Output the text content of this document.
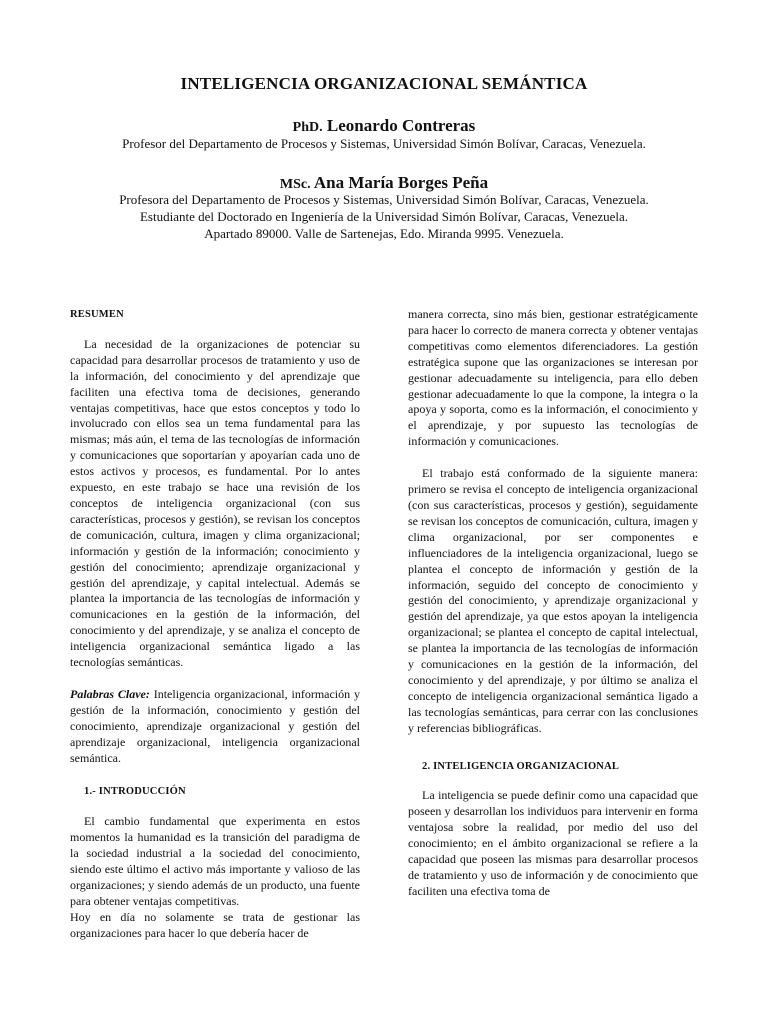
INTELIGENCIA ORGANIZACIONAL SEMÁNTICA
PhD. Leonardo Contreras
Profesor del Departamento de Procesos y Sistemas, Universidad Simón Bolívar, Caracas, Venezuela.
MSc. Ana María Borges Peña
Profesora del Departamento de Procesos y Sistemas, Universidad Simón Bolívar, Caracas, Venezuela.
Estudiante del Doctorado en Ingeniería de la Universidad Simón Bolívar, Caracas, Venezuela.
Apartado 89000. Valle de Sartenejas, Edo. Miranda 9995. Venezuela.

RESUMEN

La necesidad de la organizaciones de potenciar su capacidad para desarrollar procesos de tratamiento y uso de la información, del conocimiento y del aprendizaje que faciliten una efectiva toma de decisiones, generando ventajas competitivas, hace que estos conceptos y todo lo involucrado con ellos sea un tema fundamental para las mismas; más aún, el tema de las tecnologías de información y comunicaciones que soportarían y apoyarían cada uno de estos activos y procesos, es fundamental. Por lo antes expuesto, en este trabajo se hace una revisión de los conceptos de inteligencia organizacional (con sus características, procesos y gestión), se revisan los conceptos de comunicación, cultura, imagen y clima organizacional; información y gestión de la información; conocimiento y gestión del conocimiento; aprendizaje organizacional y gestión del aprendizaje, y capital intelectual. Además se plantea la importancia de las tecnologías de información y comunicaciones en la gestión de la información, del conocimiento y del aprendizaje, y se analiza el concepto de inteligencia organizacional semántica ligado a las tecnologías semánticas.

Palabras Clave: Inteligencia organizacional, información y gestión de la información, conocimiento y gestión del conocimiento, aprendizaje organizacional y gestión del aprendizaje organizacional, inteligencia organizacional semántica.

1.- INTRODUCCIÓN

El cambio fundamental que experimenta en estos momentos la humanidad es la transición del paradigma de la sociedad industrial a la sociedad del conocimiento, siendo este último el activo más importante y valioso de las organizaciones; y siendo además de un producto, una fuente para obtener ventajas competitivas.

Hoy en día no solamente se trata de gestionar las organizaciones para hacer lo que debería hacer de

manera correcta, sino más bien, gestionar estratégicamente para hacer lo correcto de manera correcta y obtener ventajas competitivas como elementos diferenciadores. La gestión estratégica supone que las organizaciones se interesan por gestionar adecuadamente su inteligencia, para ello deben gestionar adecuadamente lo que la compone, la integra o la apoya y soporta, como es la información, el conocimiento y el aprendizaje, y por supuesto las tecnologías de información y comunicaciones.

El trabajo está conformado de la siguiente manera: primero se revisa el concepto de inteligencia organizacional (con sus características, procesos y gestión), seguidamente se revisan los conceptos de comunicación, cultura, imagen y clima organizacional, por ser componentes e influenciadores de la inteligencia organizacional, luego se plantea el concepto de información y gestión de la información, seguido del concepto de conocimiento y gestión del conocimiento, y aprendizaje organizacional y gestión del aprendizaje, ya que estos apoyan la inteligencia organizacional; se plantea el concepto de capital intelectual, se plantea la importancia de las tecnologías de información y comunicaciones en la gestión de la información, del conocimiento y del aprendizaje, y por último se analiza el concepto de inteligencia organizacional semántica ligado a las tecnologías semánticas, para cerrar con las conclusiones y referencias bibliográficas.

2. INTELIGENCIA ORGANIZACIONAL

La inteligencia se puede definir como una capacidad que poseen y desarrollan los individuos para intervenir en forma ventajosa sobre la realidad, por medio del uso del conocimiento; en el ámbito organizacional se refiere a la capacidad que poseen las mismas para desarrollar procesos de tratamiento y uso de información y de conocimiento que faciliten una efectiva toma de
